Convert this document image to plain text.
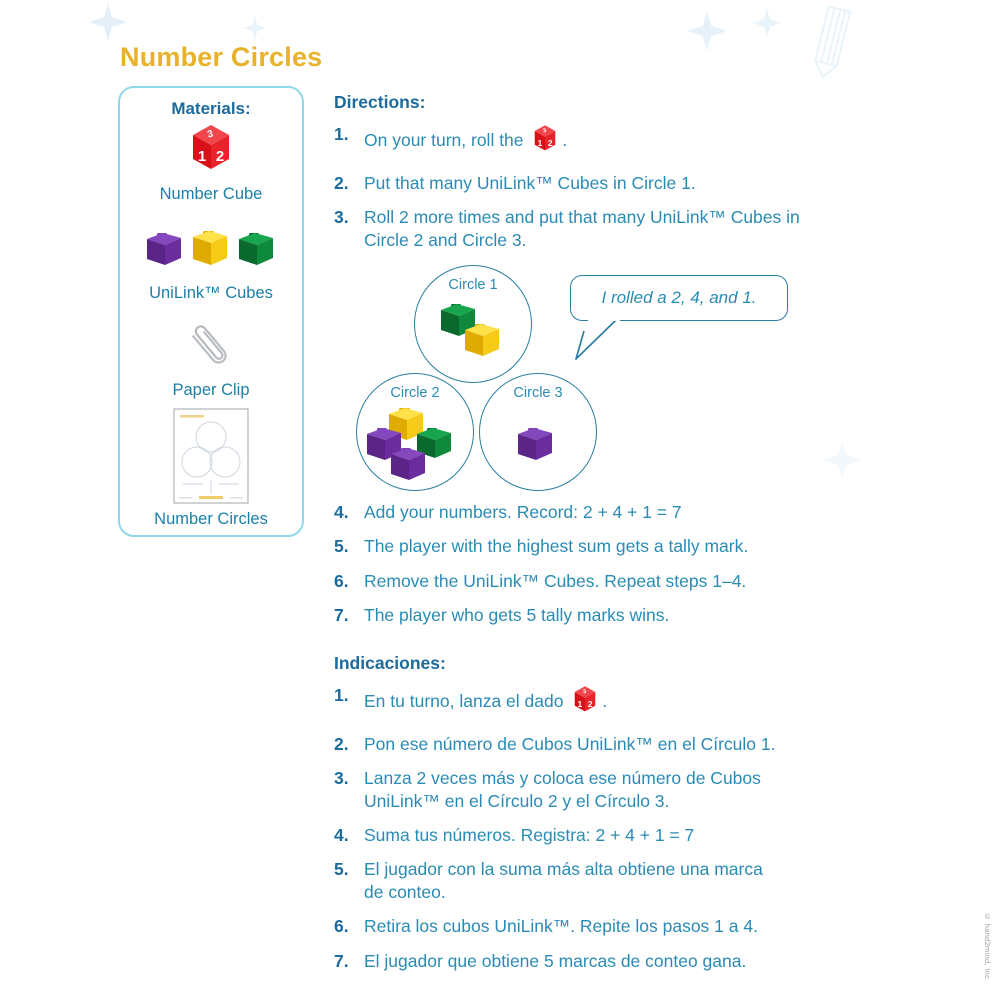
Number Circles
Materials:
1 2
3
Number Cube
UniLink™ Cubes
Paper Clip
Number Circles
Directions:
1. On your turn, roll the 1 2
3 .
2. Put that many UniLink™ Cubes in Circle 1.
3. Roll 2 more times and put that many UniLink™ Cubes in Circle 2 and Circle 3.
Circle 1
Circle 2	Circle 3
I rolled a 2, 4, and 1.
4. Add your numbers. Record: 2 + 4 + 1 = 7
5. The player with the highest sum gets a tally mark.
6. Remove the UniLink™ Cubes. Repeat steps 1–4.
7. The player who gets 5 tally marks wins.
Indicaciones:
1. En tu turno, lanza el dado 1 2
3 .
2. Pon ese número de Cubos UniLink™ en el Círculo 1.
3. Lanza 2 veces más y coloca ese número de Cubos UniLink™ en el Círculo 2 y el Círculo 3.
4. Suma tus números. Registra: 2 + 4 + 1 = 7
5. El jugador con la suma más alta obtiene una marca de conteo.
6. Retira los cubos UniLink™. Repite los pasos 1 a 4.
7. El jugador que obtiene 5 marcas de conteo gana.	© hand2mind, Inc.
